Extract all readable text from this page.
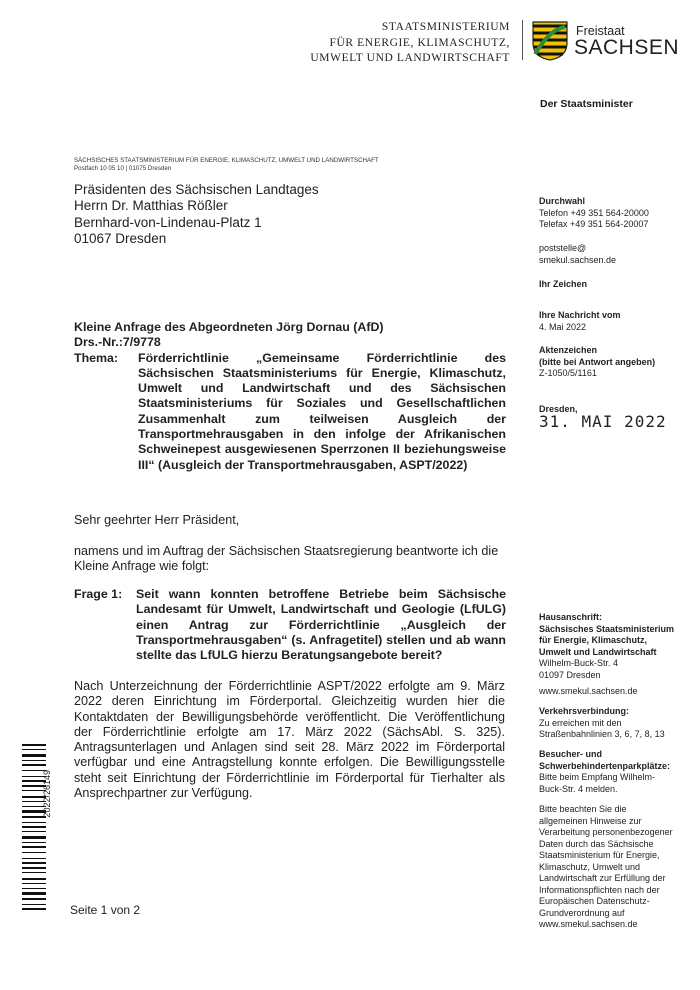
STAATSMINISTERIUM
FÜR ENERGIE, KLIMASCHUTZ,
UMWELT UND LANDWIRTSCHAFT
Freistaat
SACHSEN
Der Staatsminister
SÄCHSISCHES STAATSMINISTERIUM FÜR ENERGIE, KLIMASCHUTZ, UMWELT UND LANDWIRTSCHAFT
Postfach 10 05 10 | 01075 Dresden
Präsidenten des Sächsischen Landtages
Herrn Dr. Matthias Rößler
Bernhard-von-Lindenau-Platz 1
01067 Dresden
Durchwahl
Telefon +49 351 564-20000
Telefax +49 351 564-20007
poststelle@
smekul.sachsen.de
Ihr Zeichen
Ihre Nachricht vom
4. Mai 2022
Aktenzeichen
(bitte bei Antwort angeben)
Z-1050/5/1161
Dresden,
31. MAI 2022
Hausanschrift:
Sächsisches Staatsministerium
für Energie, Klimaschutz,
Umwelt und Landwirtschaft
Wilhelm-Buck-Str. 4
01097 Dresden
www.smekul.sachsen.de
Verkehrsverbindung:
Zu erreichen mit den
Straßenbahnlinien 3, 6, 7, 8, 13
Besucher- und
Schwerbehindertenparkplätze:
Bitte beim Empfang Wilhelm-
Buck-Str. 4 melden.
Bitte beachten Sie die
allgemeinen Hinweise zur
Verarbeitung personenbezogener
Daten durch das Sächsische
Staatsministerium für Energie,
Klimaschutz, Umwelt und
Landwirtschaft zur Erfüllung der
Informationspflichten nach der
Europäischen Datenschutz-
Grundverordnung auf
www.smekul.sachsen.de
Kleine Anfrage des Abgeordneten Jörg Dornau (AfD)
Drs.-Nr.:7/9778
Thema:	Förderrichtlinie „Gemeinsame Förderrichtlinie des Sächsischen Staatsministeriums für Energie, Klimaschutz, Umwelt und Landwirtschaft und des Sächsischen Staatsministeriums für Soziales und Gesellschaftlichen Zusammenhalt zum teilweisen Ausgleich der Transportmehrausgaben in den infolge der Afrikanischen Schweinepest ausgewiesenen Sperrzonen II beziehungsweise III“ (Ausgleich der Transportmehrausgaben, ASPT/2022)
Sehr geehrter Herr Präsident,
namens und im Auftrag der Sächsischen Staatsregierung beantworte ich die Kleine Anfrage wie folgt:
Frage 1:	Seit wann konnten betroffene Betriebe beim Sächsische Landesamt für Umwelt, Landwirtschaft und Geologie (LfULG) einen Antrag zur Förderrichtlinie „Ausgleich der Transportmehrausgaben“ (s. Anfragetitel) stellen und ab wann stellte das LfULG hierzu Beratungsangebote bereit?
Nach Unterzeichnung der Förderrichtlinie ASPT/2022 erfolgte am 9. März 2022 deren Einrichtung im Förderportal. Gleichzeitig wurden hier die Kontaktdaten der Bewilligungsbehörde veröffentlicht. Die Veröffentlichung der Förderrichtlinie erfolgte am 17. März 2022 (SächsAbl. S. 325). Antragsunterlagen und Anlagen sind seit 28. März 2022 im Förderportal verfügbar und eine Antragstellung konnte erfolgen. Die Bewilligungsstelle steht seit Einrichtung der Förderrichtlinie im Förderportal für Tierhalter als Ansprechpartner zur Verfügung.
2022/26149
Seite 1 von 2
